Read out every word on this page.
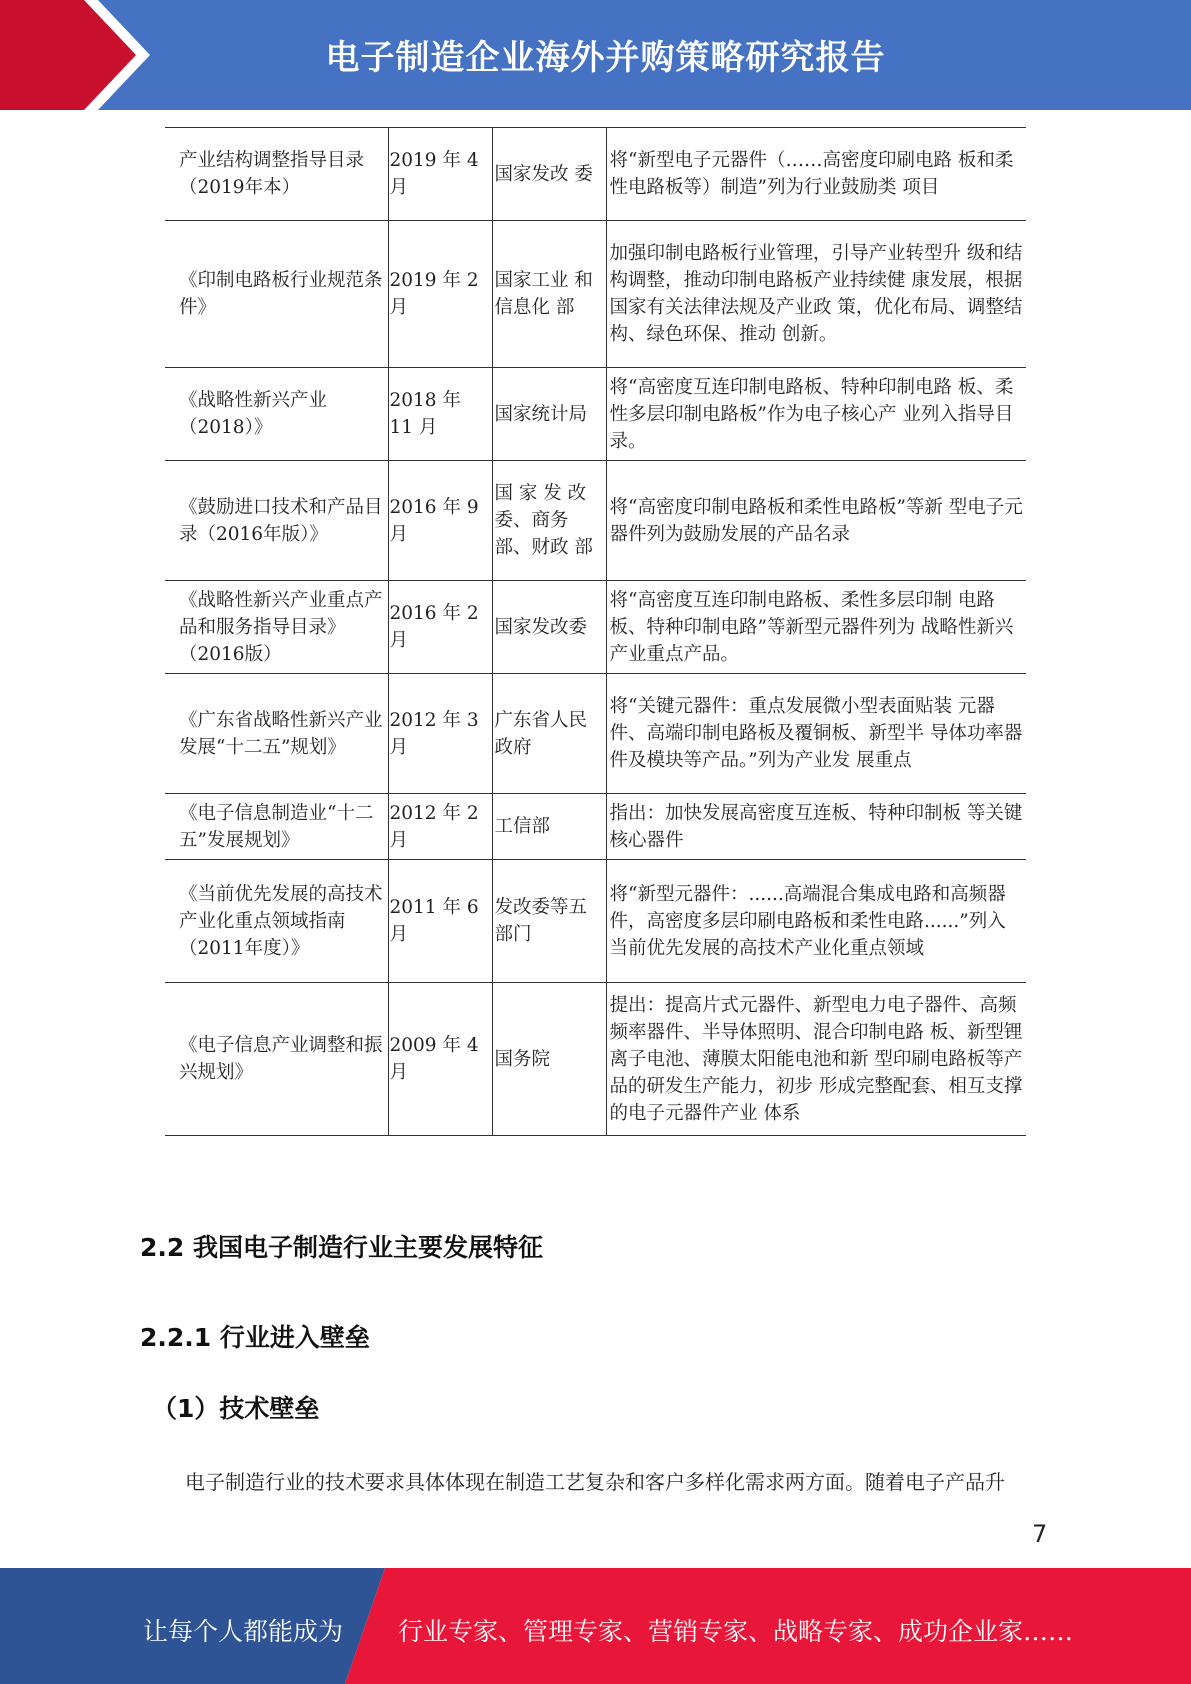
电子制造企业海外并购策略研究报告
产业结构调整指导目录（2019年本）	2019 年 4 月	国家发改 委	将“新型电子元器件（……高密度印刷电路 板和柔性电路板等）制造”列为行业鼓励类 项目
《印制电路板行业规范条件》	2019 年 2 月	国家工业 和信息化 部	加强印制电路板行业管理，引导产业转型升 级和结构调整，推动印制电路板产业持续健 康发展，根据国家有关法律法规及产业政 策，优化布局、调整结构、绿色环保、推动 创新。
《战略性新兴产业（2018）》	2018 年 11 月	国家统计局	将“高密度互连印制电路板、特种印制电路 板、柔性多层印制电路板”作为电子核心产 业列入指导目录。
《鼓励进口技术和产品目录（2016年版）》	2016 年 9 月	国 家 发 改 委、商务 部、财政 部	将“高密度印制电路板和柔性电路板”等新 型电子元器件列为鼓励发展的产品名录
《战略性新兴产业重点产品和服务指导目录》（2016版）	2016 年 2 月	国家发改委	将“高密度互连印制电路板、柔性多层印制 电路板、特种印制电路”等新型元器件列为 战略性新兴产业重点产品。
《广东省战略性新兴产业发展“十二五”规划》	2012 年 3 月	广东省人民政府	将“关键元器件：重点发展微小型表面贴装 元器件、高端印制电路板及覆铜板、新型半 导体功率器件及模块等产品。”列为产业发 展重点
《电子信息制造业“十二五”发展规划》	2012 年 2 月	工信部	指出：加快发展高密度互连板、特种印制板 等关键核心器件
《当前优先发展的高技术产业化重点领域指南（2011年度）》	2011 年 6 月	发改委等五部门	将“新型元器件：......高端混合集成电路和高频器件，高密度多层印刷电路板和柔性电路......”列入当前优先发展的高技术产业化重点领域
《电子信息产业调整和振兴规划》	2009 年 4 月	国务院	提出：提高片式元器件、新型电力电子器件、高频频率器件、半导体照明、混合印制电路 板、新型锂离子电池、薄膜太阳能电池和新 型印刷电路板等产品的研发生产能力，初步 形成完整配套、相互支撑的电子元器件产业 体系
2.2 我国电子制造行业主要发展特征
2.2.1 行业进入壁垒
（1）技术壁垒
电子制造行业的技术要求具体体现在制造工艺复杂和客户多样化需求两方面。随着电子产品升
7
让每个人都能成为 行业专家、管理专家、营销专家、战略专家、成功企业家……
